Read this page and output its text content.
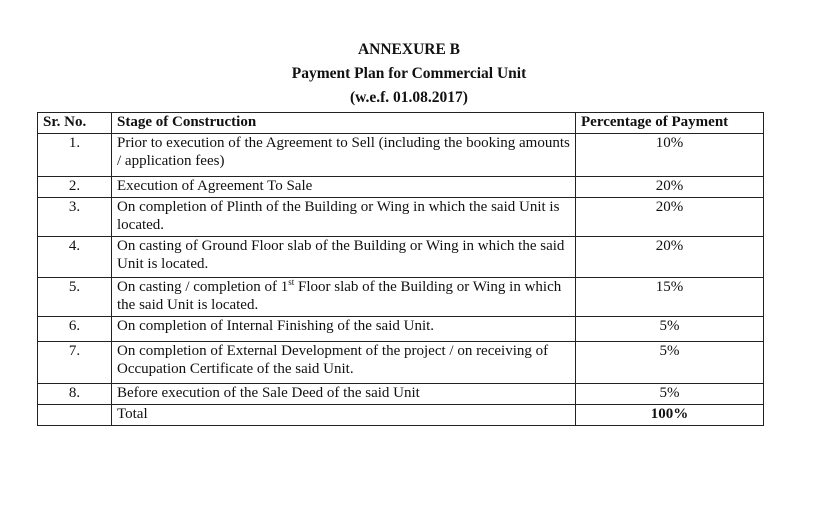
ANNEXURE B
Payment Plan for Commercial Unit
(w.e.f. 01.08.2017)
Sr. No.	Stage of Construction	Percentage of Payment
1.	Prior to execution of the Agreement to Sell (including the booking amounts / application fees)	10%
2.	Execution of Agreement To Sale	20%
3.	On completion of Plinth of the Building or Wing in which the said Unit is located.	20%
4.	On casting of Ground Floor slab of the Building or Wing in which the said Unit is located.	20%
5.	On casting / completion of 1st Floor slab of the Building or Wing in which the said Unit is located.	15%
6.	On completion of Internal Finishing of the said Unit.	5%
7.	On completion of External Development of the project / on receiving of Occupation Certificate of the said Unit.	5%
8.	Before execution of the Sale Deed of the said Unit	5%
	Total	100%
